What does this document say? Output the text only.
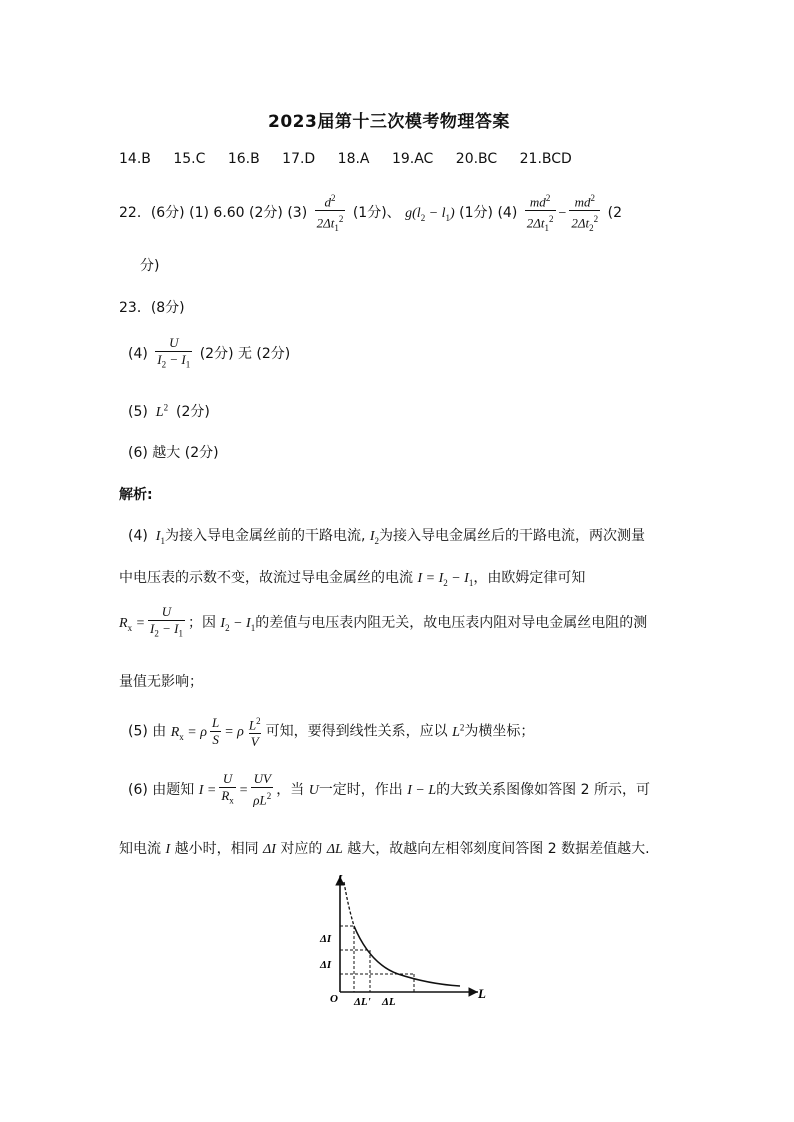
2023届第十三次模考物理答案
14.B 15.C 16.B 17.D 18.A 19.AC 20.BC 21.BCD
22．(6分) (1) 6.60 (2分) $(3) \frac{d^2}{2\Delta t_1^2} (1$分)、 $g(l_2 - l_1)$ (1分) $(4) \frac{md^2}{2\Delta t_1^2} - \frac{md^2}{2\Delta t_2^2} (2$
分)
23．(8分)
$(4) \frac{U}{I_2 - I_1} (2$分) 无 (2分)
(5)  $L^2$ (2分)
(6) 越大 (2分)
解析:
(4)  $I_1$为接入导电金属丝前的干路电流, $I_2$为接入导电金属丝后的干路电流，两次测量
中电压表的示数不变，故流过导电金属丝的电流 $I = I_2 - I_1$，由欧姆定律可知
$R_x = \frac{U}{I_2 - I_1}$ ；因 $I_2 - I_1$的差值与电压表内阻无关，故电压表内阻对导电金属丝电阻的测
量值无影响；
(5) 由 $R_x = \rho \frac{L}{S} = \rho \frac{L^2}{V}$ 可知，要得到线性关系，应以 $L^2$为横坐标；
(6) 由题知 $I = \frac{U}{R_x} = \frac{UV}{\rho L^2}$ ，当 U一定时，作出 I − L的大致关系图像如答图 2 所示，可
知电流 I 越小时，相同 ΔI 对应的 ΔL 越大，故越向左相邻刻度间答图 2 数据差值越大.
I
L
O
ΔI
ΔI
ΔL' ΔL
